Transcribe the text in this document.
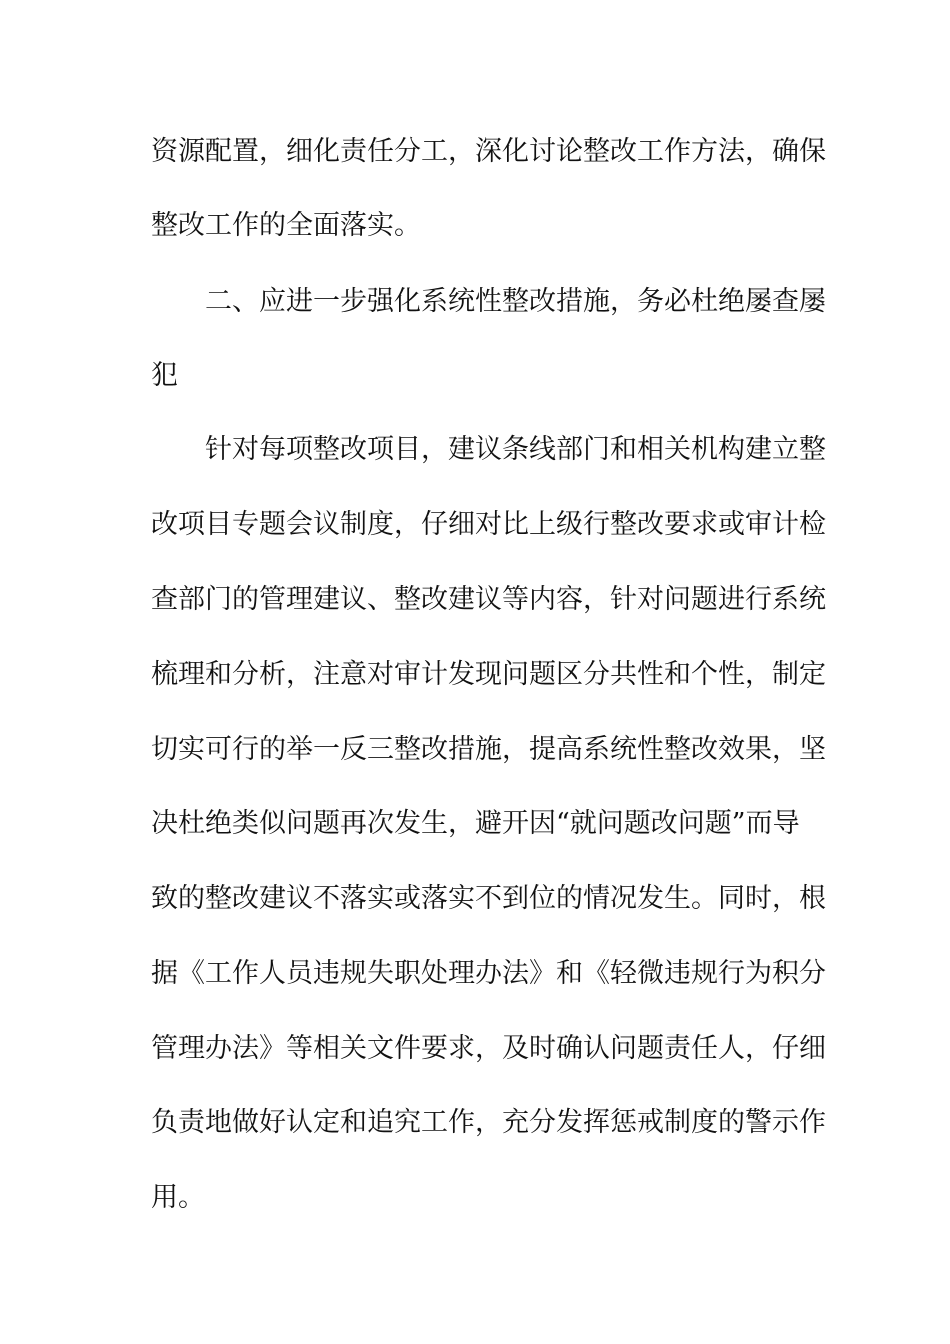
资源配置，细化责任分工，深化讨论整改工作方法，确保
整改工作的全面落实。
二、应进一步强化系统性整改措施，务必杜绝屡查屡
犯
针对每项整改项目，建议条线部门和相关机构建立整
改项目专题会议制度，仔细对比上级行整改要求或审计检
查部门的管理建议、整改建议等内容，针对问题进行系统
梳理和分析，注意对审计发现问题区分共性和个性，制定
切实可行的举一反三整改措施，提高系统性整改效果，坚
决杜绝类似问题再次发生，避开因“就问题改问题”而导
致的整改建议不落实或落实不到位的情况发生。同时，根
据《工作人员违规失职处理办法》和《轻微违规行为积分
管理办法》等相关文件要求，及时确认问题责任人，仔细
负责地做好认定和追究工作，充分发挥惩戒制度的警示作
用。
